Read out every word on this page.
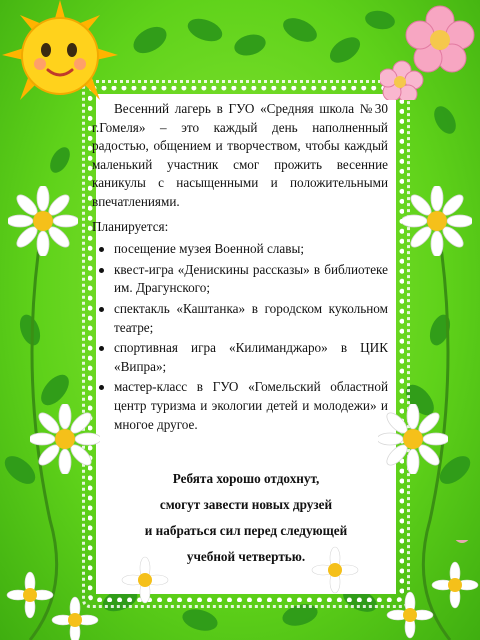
Весенний лагерь в ГУО «Средняя школа №30 г.Гомеля» – это каждый день наполненный радостью, общением и творчеством, чтобы каждый маленький участник смог прожить весенние каникулы с насыщенными и положительными впечатлениями.

Планируется:
посещение музея Военной славы;
квест-игра «Денискины рассказы» в библиотеке им. Драгунского;
спектакль «Каштанка» в городском кукольном театре;
спортивная игра «Килиманджаро» в ЦИК «Випра»;
мастер-класс в ГУО «Гомельский областной центр туризма и экологии детей и молодежи» и многое другое.
Ребята хорошо отдохнут,
смогут завести новых друзей
и набраться сил перед следующей
учебной четвертью.
